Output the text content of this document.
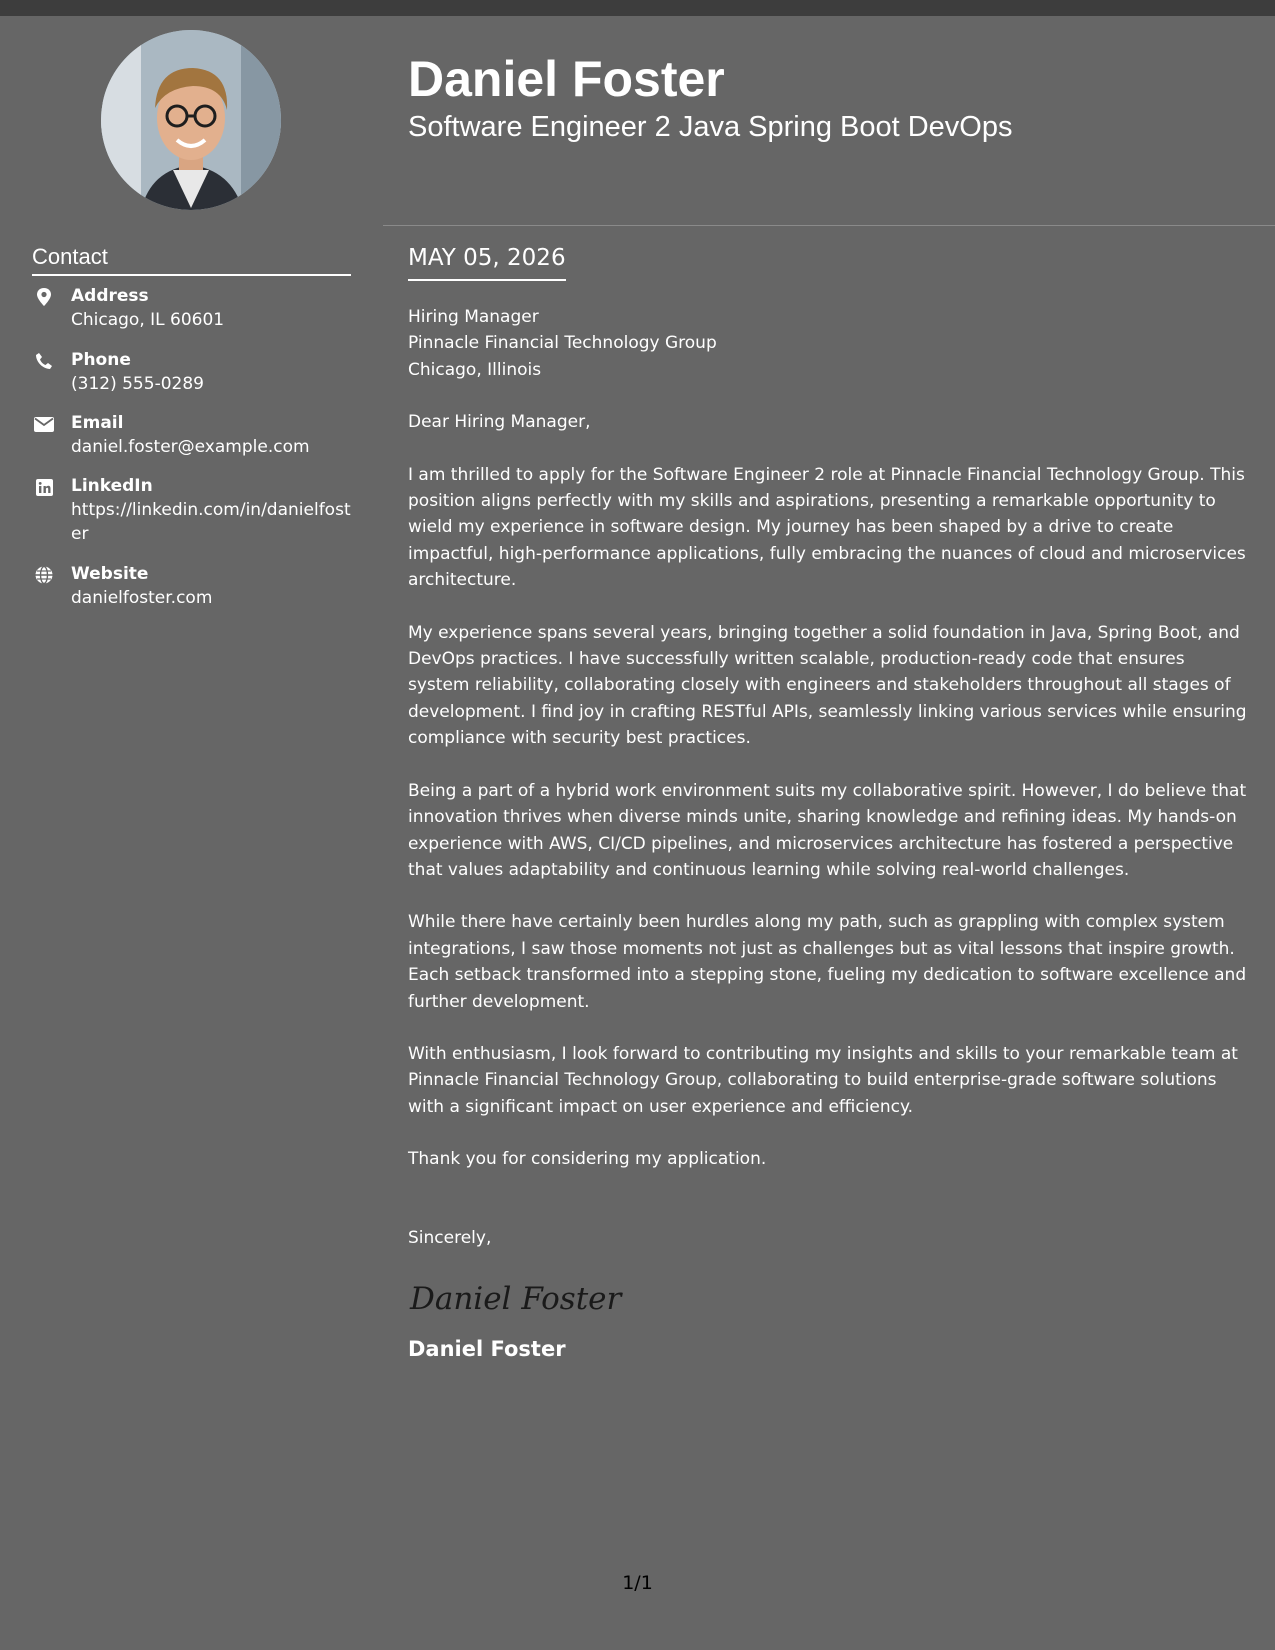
Contact
Address
Chicago, IL 60601
Phone
(312) 555-0289
Email
daniel.foster@example.com
LinkedIn
https://linkedin.com/in/danielfoster
Website
danielfoster.com
Daniel Foster
Software Engineer 2 Java Spring Boot DevOps
MAY 05, 2026
Hiring Manager
Pinnacle Financial Technology Group
Chicago, Illinois

Dear Hiring Manager,

I am thrilled to apply for the Software Engineer 2 role at Pinnacle Financial Technology Group. This position aligns perfectly with my skills and aspirations, presenting a remarkable opportunity to wield my experience in software design. My journey has been shaped by a drive to create impactful, high-performance applications, fully embracing the nuances of cloud and microservices architecture.

My experience spans several years, bringing together a solid foundation in Java, Spring Boot, and DevOps practices. I have successfully written scalable, production-ready code that ensures system reliability, collaborating closely with engineers and stakeholders throughout all stages of development. I find joy in crafting RESTful APIs, seamlessly linking various services while ensuring compliance with security best practices.

Being a part of a hybrid work environment suits my collaborative spirit. However, I do believe that innovation thrives when diverse minds unite, sharing knowledge and refining ideas. My hands-on experience with AWS, CI/CD pipelines, and microservices architecture has fostered a perspective that values adaptability and continuous learning while solving real-world challenges.

While there have certainly been hurdles along my path, such as grappling with complex system integrations, I saw those moments not just as challenges but as vital lessons that inspire growth. Each setback transformed into a stepping stone, fueling my dedication to software excellence and further development.

With enthusiasm, I look forward to contributing my insights and skills to your remarkable team at Pinnacle Financial Technology Group, collaborating to build enterprise-grade software solutions with a significant impact on user experience and efficiency.

Thank you for considering my application.

Sincerely,
Daniel Foster
Daniel Foster
1/1
